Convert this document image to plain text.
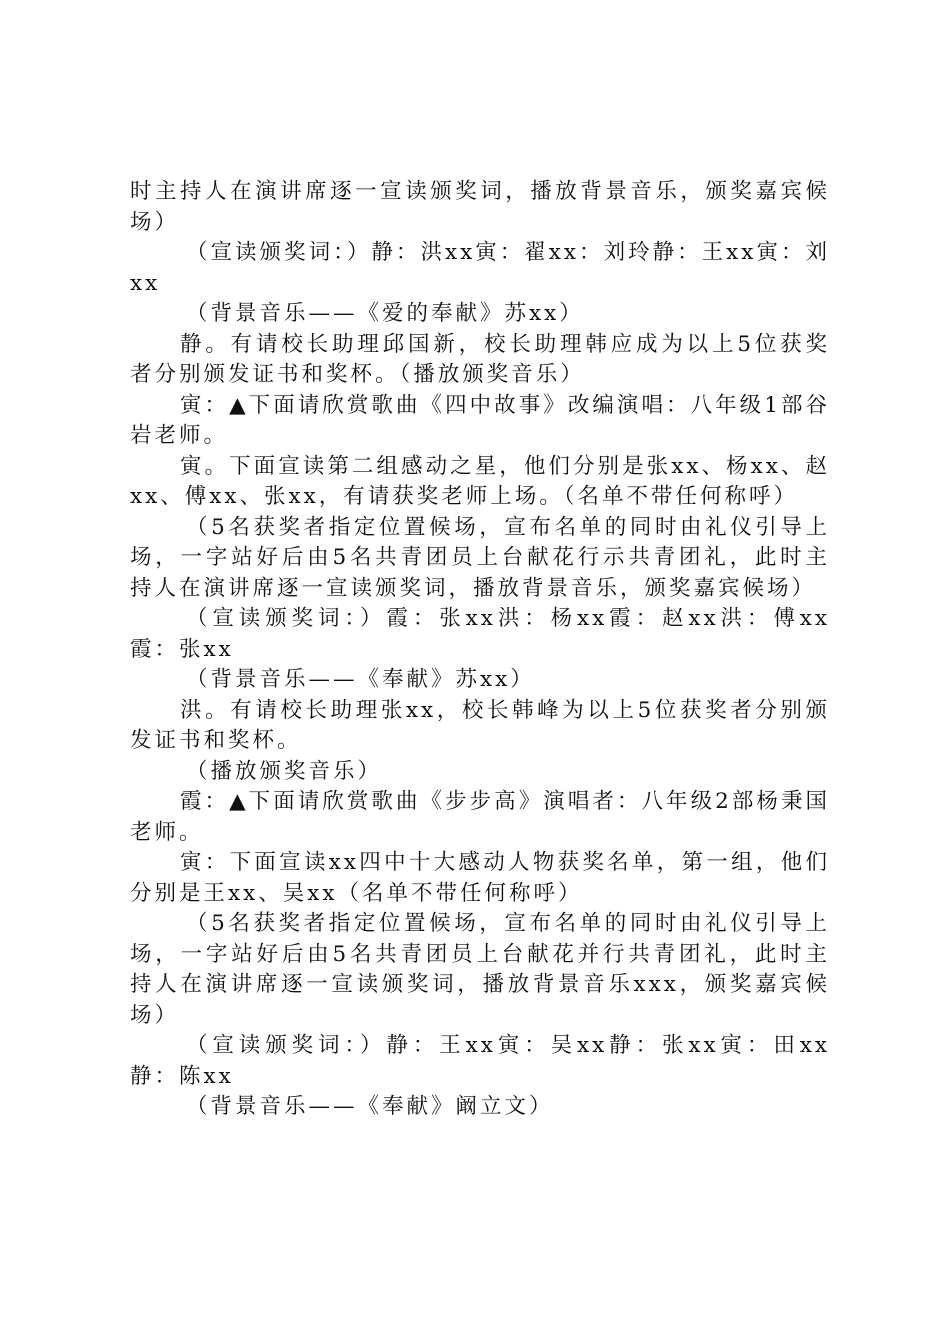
时主持人在演讲席逐一宣读颁奖词，播放背景音乐，颁奖嘉宾候场）

（宣读颁奖词：）静：洪xx寅：翟xx：刘玲静：王xx寅：刘xx

（背景音乐——《爱的奉献》苏xx）

静。有请校长助理邱国新，校长助理韩应成为以上5位获奖者分别颁发证书和奖杯。（播放颁奖音乐）

寅：▲下面请欣赏歌曲《四中故事》改编演唱：八年级1部谷岩老师。

寅。下面宣读第二组感动之星，他们分别是张xx、杨xx、赵xx、傅xx、张xx，有请获奖老师上场。（名单不带任何称呼）

（5名获奖者指定位置候场，宣布名单的同时由礼仪引导上场，一字站好后由5名共青团员上台献花行示共青团礼，此时主持人在演讲席逐一宣读颁奖词，播放背景音乐，颁奖嘉宾候场）

（宣读颁奖词：）霞：张xx洪：杨xx霞：赵xx洪：傅xx霞：张xx

（背景音乐——《奉献》苏xx）

洪。有请校长助理张xx，校长韩峰为以上5位获奖者分别颁发证书和奖杯。

（播放颁奖音乐）

霞：▲下面请欣赏歌曲《步步高》演唱者：八年级2部杨秉国老师。

寅：下面宣读xx四中十大感动人物获奖名单，第一组，他们分别是王xx、吴xx（名单不带任何称呼）

（5名获奖者指定位置候场，宣布名单的同时由礼仪引导上场，一字站好后由5名共青团员上台献花并行共青团礼，此时主持人在演讲席逐一宣读颁奖词，播放背景音乐xxx，颁奖嘉宾候场）

（宣读颁奖词：）静：王xx寅：吴xx静：张xx寅：田xx静：陈xx

（背景音乐——《奉献》阚立文）
